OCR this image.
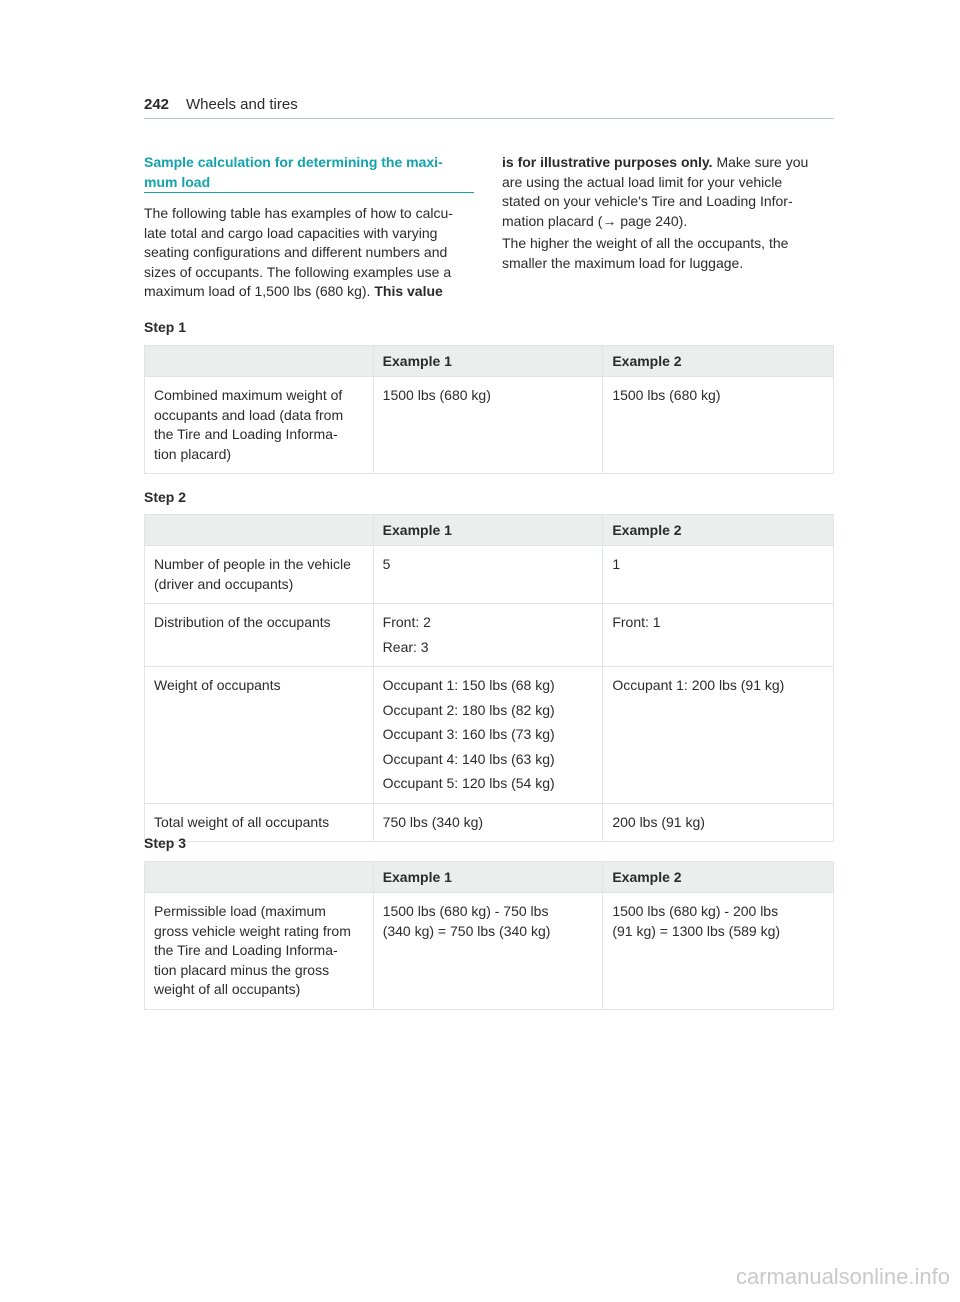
242 Wheels and tires
Sample calculation for determining the maxi-
mum load
The following table has examples of how to calcu-
late total and cargo load capacities with varying
seating configurations and different numbers and
sizes of occupants. The following examples use a
maximum load of 1,500 lbs (680 kg). This value
is for illustrative purposes only. Make sure you
are using the actual load limit for your vehicle
stated on your vehicle's Tire and Loading Infor-
mation placard (→ page 240).
The higher the weight of all the occupants, the
smaller the maximum load for luggage.
Step 1
	Example 1	Example 2

Combined maximum weight of
occupants and load (data from
the Tire and Loading Informa-
tion placard)	1500 lbs (680 kg)	1500 lbs (680 kg)
Step 2
	Example 1	Example 2

Number of people in the vehicle
(driver and occupants)	5	1

Distribution of the occupants	Front: 2
Rear: 3	Front: 1

Weight of occupants	Occupant 1: 150 lbs (68 kg)
Occupant 2: 180 lbs (82 kg)
Occupant 3: 160 lbs (73 kg)
Occupant 4: 140 lbs (63 kg)
Occupant 5: 120 lbs (54 kg)	Occupant 1: 200 lbs (91 kg)

Total weight of all occupants	750 lbs (340 kg)	200 lbs (91 kg)
Step 3
	Example 1	Example 2

Permissible load (maximum
gross vehicle weight rating from
the Tire and Loading Informa-
tion placard minus the gross
weight of all occupants)	1500 lbs (680 kg) - 750 lbs
(340 kg) = 750 lbs (340 kg)	1500 lbs (680 kg) - 200 lbs
(91 kg) = 1300 lbs (589 kg)
carmanualsonline.info
